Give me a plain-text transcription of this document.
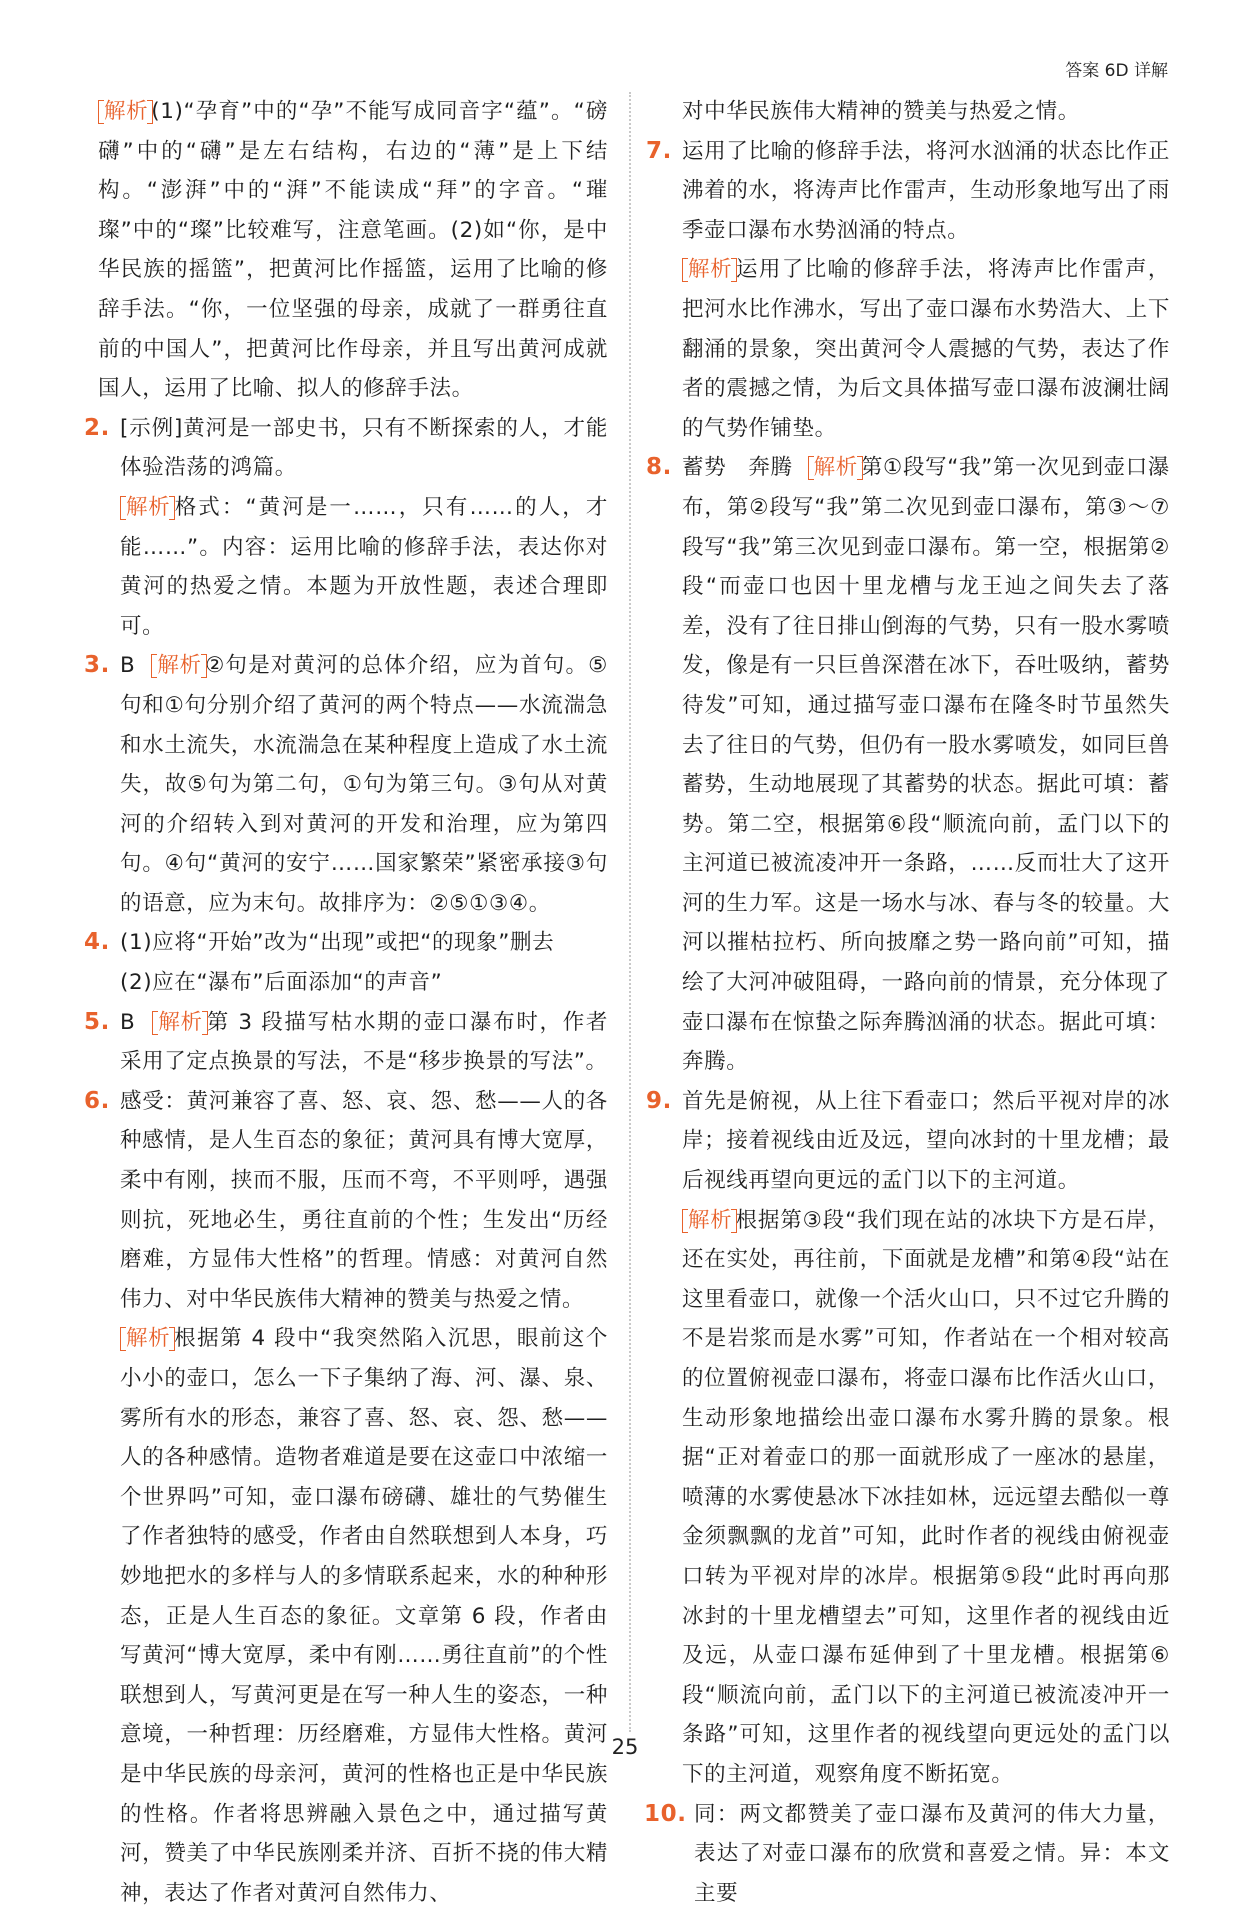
答案 6D 详解

解析 (1)“孕育”中的“孕”不能写成同音字“蕴”。“磅礴”中的“礴”是左右结构，右边的“薄”是上下结构。“澎湃”中的“湃”不能读成“拜”的字音。“璀璨”中的“璨”比较难写，注意笔画。(2)如“你，是中华民族的摇篮”，把黄河比作摇篮，运用了比喻的修辞手法。“你，一位坚强的母亲，成就了一群勇往直前的中国人”，把黄河比作母亲，并且写出黄河成就国人，运用了比喻、拟人的修辞手法。

2. [示例]黄河是一部史书，只有不断探索的人，才能体验浩荡的鸿篇。

解析 格式：“黄河是一……，只有……的人，才能……”。内容：运用比喻的修辞手法，表达你对黄河的热爱之情。本题为开放性题，表述合理即可。

3. B 解析 ②句是对黄河的总体介绍，应为首句。⑤句和①句分别介绍了黄河的两个特点——水流湍急和水土流失，水流湍急在某种程度上造成了水土流失，故⑤句为第二句，①句为第三句。③句从对黄河的介绍转入到对黄河的开发和治理，应为第四句。④句“黄河的安宁……国家繁荣”紧密承接③句的语意，应为末句。故排序为：②⑤①③④。

4. (1)应将“开始”改为“出现”或把“的现象”删去

(2)应在“瀑布”后面添加“的声音”

5. B 解析 第 3 段描写枯水期的壶口瀑布时，作者采用了定点换景的写法，不是“移步换景的写法”。

6. 感受：黄河兼容了喜、怒、哀、怨、愁——人的各种感情，是人生百态的象征；黄河具有博大宽厚，柔中有刚，挟而不服，压而不弯，不平则呼，遇强则抗，死地必生，勇往直前的个性；生发出“历经磨难，方显伟大性格”的哲理。情感：对黄河自然伟力、对中华民族伟大精神的赞美与热爱之情。

解析 根据第 4 段中“我突然陷入沉思，眼前这个小小的壶口，怎么一下子集纳了海、河、瀑、泉、雾所有水的形态，兼容了喜、怒、哀、怨、愁——人的各种感情。造物者难道是要在这壶口中浓缩一个世界吗”可知，壶口瀑布磅礴、雄壮的气势催生了作者独特的感受，作者由自然联想到人本身，巧妙地把水的多样与人的多情联系起来，水的种种形态，正是人生百态的象征。文章第 6 段，作者由写黄河“博大宽厚，柔中有刚……勇往直前”的个性联想到人，写黄河更是在写一种人生的姿态，一种意境，一种哲理：历经磨难，方显伟大性格。黄河是中华民族的母亲河，黄河的性格也正是中华民族的性格。作者将思辨融入景色之中，通过描写黄河，赞美了中华民族刚柔并济、百折不挠的伟大精神，表达了作者对黄河自然伟力、

对中华民族伟大精神的赞美与热爱之情。

7. 运用了比喻的修辞手法，将河水汹涌的状态比作正沸着的水，将涛声比作雷声，生动形象地写出了雨季壶口瀑布水势汹涌的特点。

解析 运用了比喻的修辞手法，将涛声比作雷声，把河水比作沸水，写出了壶口瀑布水势浩大、上下翻涌的景象，突出黄河令人震撼的气势，表达了作者的震撼之情，为后文具体描写壶口瀑布波澜壮阔的气势作铺垫。

8. 蓄势　奔腾 解析 第①段写“我”第一次见到壶口瀑布，第②段写“我”第二次见到壶口瀑布，第③～⑦段写“我”第三次见到壶口瀑布。第一空，根据第②段“而壶口也因十里龙槽与龙王辿之间失去了落差，没有了往日排山倒海的气势，只有一股水雾喷发，像是有一只巨兽深潜在冰下，吞吐吸纳，蓄势待发”可知，通过描写壶口瀑布在隆冬时节虽然失去了往日的气势，但仍有一股水雾喷发，如同巨兽蓄势，生动地展现了其蓄势的状态。据此可填：蓄势。第二空，根据第⑥段“顺流向前，孟门以下的主河道已被流凌冲开一条路，……反而壮大了这开河的生力军。这是一场水与冰、春与冬的较量。大河以摧枯拉朽、所向披靡之势一路向前”可知，描绘了大河冲破阻碍，一路向前的情景，充分体现了壶口瀑布在惊蛰之际奔腾汹涌的状态。据此可填：奔腾。

9. 首先是俯视，从上往下看壶口；然后平视对岸的冰岸；接着视线由近及远，望向冰封的十里龙槽；最后视线再望向更远的孟门以下的主河道。

解析 根据第③段“我们现在站的冰块下方是石岸，还在实处，再往前，下面就是龙槽”和第④段“站在这里看壶口，就像一个活火山口，只不过它升腾的不是岩浆而是水雾”可知，作者站在一个相对较高的位置俯视壶口瀑布，将壶口瀑布比作活火山口，生动形象地描绘出壶口瀑布水雾升腾的景象。根据“正对着壶口的那一面就形成了一座冰的悬崖，喷薄的水雾使悬冰下冰挂如林，远远望去酷似一尊金须飘飘的龙首”可知，此时作者的视线由俯视壶口转为平视对岸的冰岸。根据第⑤段“此时再向那冰封的十里龙槽望去”可知，这里作者的视线由近及远，从壶口瀑布延伸到了十里龙槽。根据第⑥段“顺流向前，孟门以下的主河道已被流凌冲开一条路”可知，这里作者的视线望向更远处的孟门以下的主河道，观察角度不断拓宽。

10. 同：两文都赞美了壶口瀑布及黄河的伟大力量，表达了对壶口瀑布的欣赏和喜爱之情。异：本文主要

25
